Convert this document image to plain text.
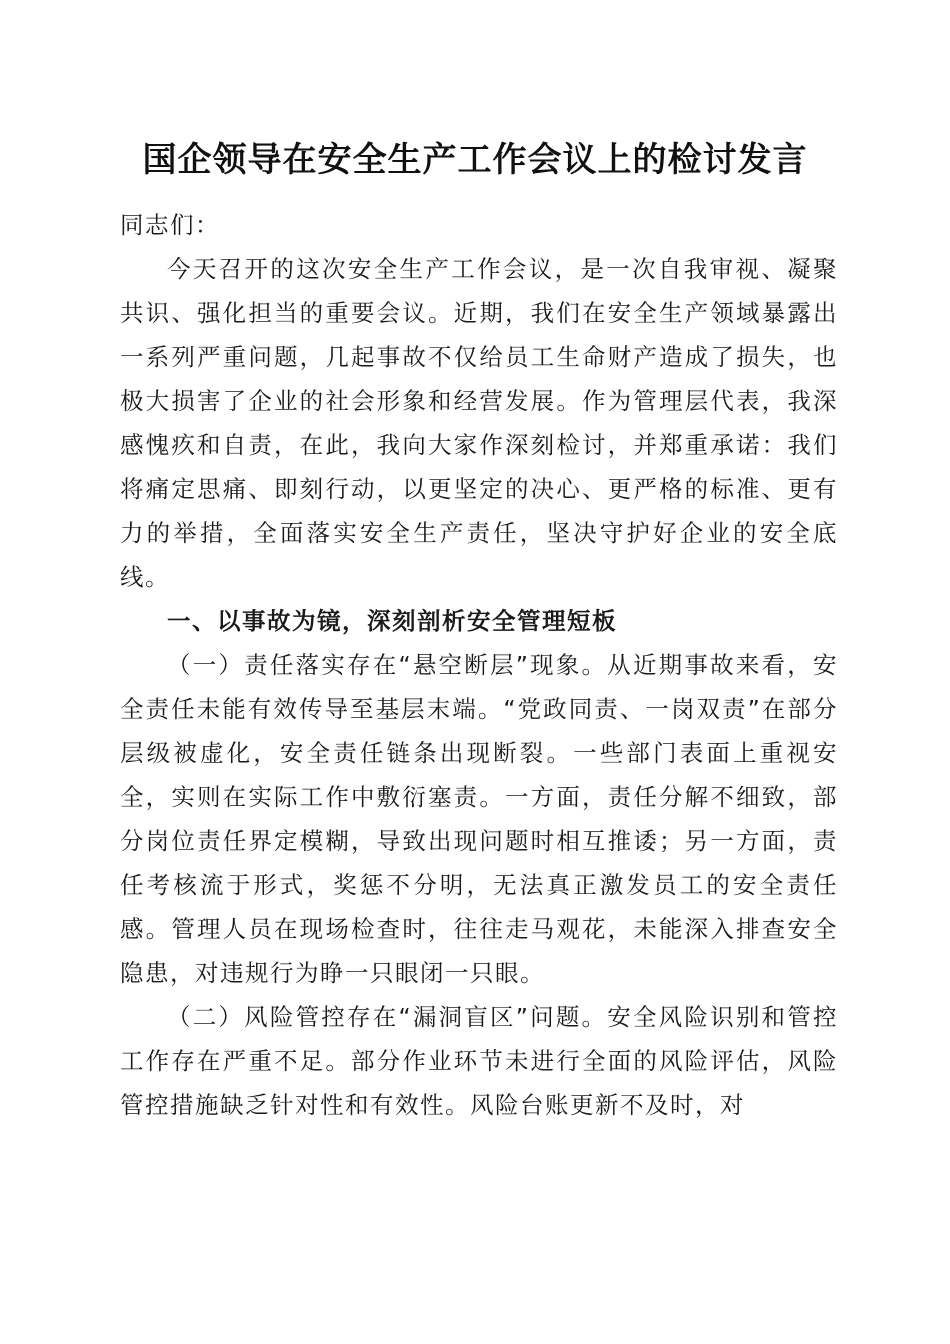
国企领导在安全生产工作会议上的检讨发言

同志们：

今天召开的这次安全生产工作会议，是一次自我审视、凝聚共识、强化担当的重要会议。近期，我们在安全生产领域暴露出一系列严重问题，几起事故不仅给员工生命财产造成了损失，也极大损害了企业的社会形象和经营发展。作为管理层代表，我深感愧疚和自责，在此，我向大家作深刻检讨，并郑重承诺：我们将痛定思痛、即刻行动，以更坚定的决心、更严格的标准、更有力的举措，全面落实安全生产责任，坚决守护好企业的安全底线。

一、以事故为镜，深刻剖析安全管理短板

（一）责任落实存在“悬空断层”现象。从近期事故来看，安全责任未能有效传导至基层末端。“党政同责、一岗双责”在部分层级被虚化，安全责任链条出现断裂。一些部门表面上重视安全，实则在实际工作中敷衍塞责。一方面，责任分解不细致，部分岗位责任界定模糊，导致出现问题时相互推诿；另一方面，责任考核流于形式，奖惩不分明，无法真正激发员工的安全责任感。管理人员在现场检查时，往往走马观花，未能深入排查安全隐患，对违规行为睁一只眼闭一只眼。

（二）风险管控存在“漏洞盲区”问题。安全风险识别和管控工作存在严重不足。部分作业环节未进行全面的风险评估，风险管控措施缺乏针对性和有效性。风险台账更新不及时，对
